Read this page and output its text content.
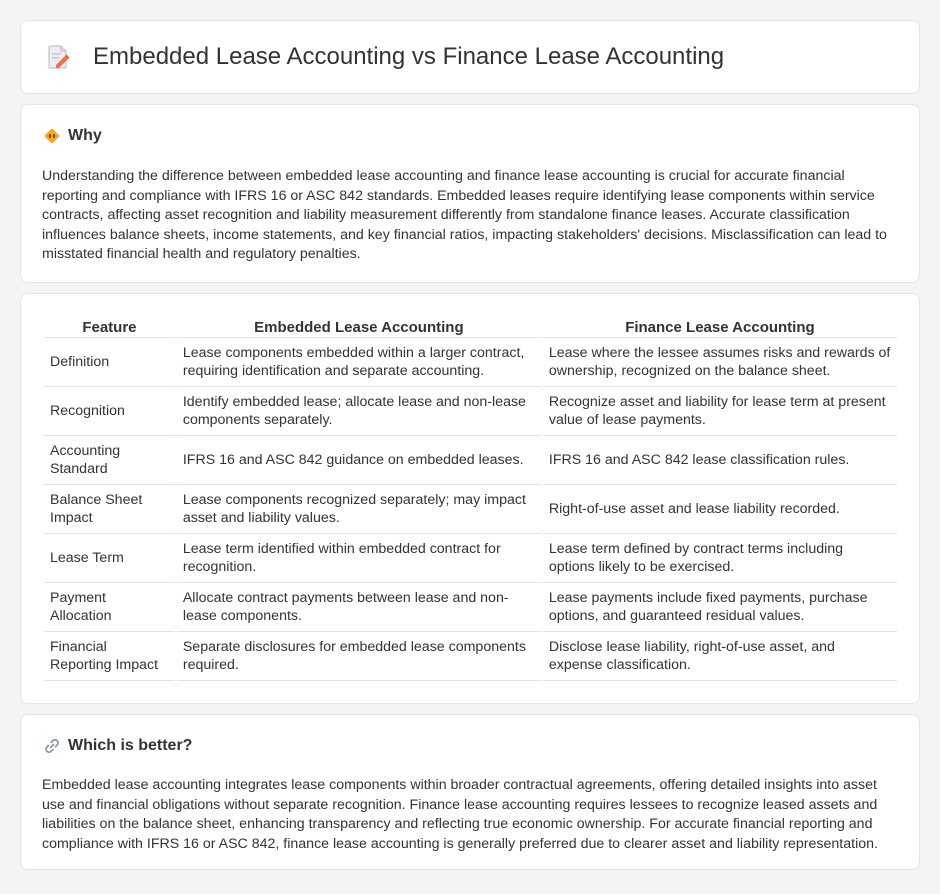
Embedded Lease Accounting vs Finance Lease Accounting
Why

Understanding the difference between embedded lease accounting and finance lease accounting is crucial for accurate financial reporting and compliance with IFRS 16 or ASC 842 standards. Embedded leases require identifying lease components within service contracts, affecting asset recognition and liability measurement differently from standalone finance leases. Accurate classification influences balance sheets, income statements, and key financial ratios, impacting stakeholders' decisions. Misclassification can lead to misstated financial health and regulatory penalties.

Feature	Embedded Lease Accounting	Finance Lease Accounting
Definition	Lease components embedded within a larger contract, requiring identification and separate accounting.	Lease where the lessee assumes risks and rewards of ownership, recognized on the balance sheet.
Recognition	Identify embedded lease; allocate lease and non-lease components separately.	Recognize asset and liability for lease term at present value of lease payments.
Accounting Standard	IFRS 16 and ASC 842 guidance on embedded leases.	IFRS 16 and ASC 842 lease classification rules.
Balance Sheet Impact	Lease components recognized separately; may impact asset and liability values.	Right-of-use asset and lease liability recorded.
Lease Term	Lease term identified within embedded contract for recognition.	Lease term defined by contract terms including options likely to be exercised.
Payment Allocation	Allocate contract payments between lease and non-lease components.	Lease payments include fixed payments, purchase options, and guaranteed residual values.
Financial Reporting Impact	Separate disclosures for embedded lease components required.	Disclose lease liability, right-of-use asset, and expense classification.
Which is better?

Embedded lease accounting integrates lease components within broader contractual agreements, offering detailed insights into asset use and financial obligations without separate recognition. Finance lease accounting requires lessees to recognize leased assets and liabilities on the balance sheet, enhancing transparency and reflecting true economic ownership. For accurate financial reporting and compliance with IFRS 16 or ASC 842, finance lease accounting is generally preferred due to clearer asset and liability representation.
